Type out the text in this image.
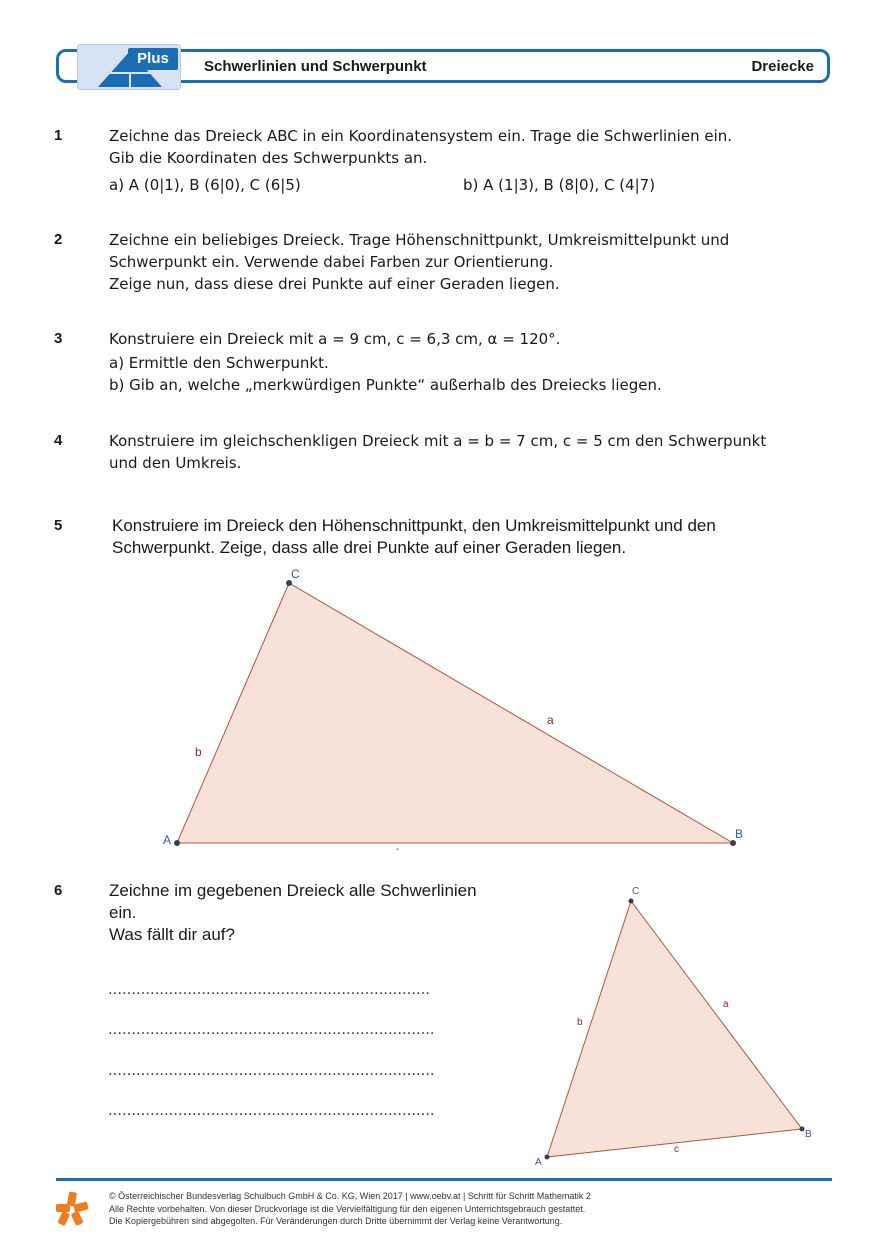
Plus	Schwerlinien und Schwerpunkt	Dreiecke
1	Zeichne das Dreieck ABC in ein Koordinatensystem ein. Trage die Schwerlinien ein.
Gib die Koordinaten des Schwerpunkts an.
a) A (0|1), B (6|0), C (6|5)	b) A (1|3), B (8|0), C (4|7)
2	Zeichne ein beliebiges Dreieck. Trage Höhenschnittpunkt, Umkreismittelpunkt und
Schwerpunkt ein. Verwende dabei Farben zur Orientierung.
Zeige nun, dass diese drei Punkte auf einer Geraden liegen.
3	Konstruiere ein Dreieck mit a = 9 cm, c = 6,3 cm, α = 120°.
a) Ermittle den Schwerpunkt.
b) Gib an, welche „merkwürdigen Punkte“ außerhalb des Dreiecks liegen.
4	Konstruiere im gleichschenkligen Dreieck mit a = b = 7 cm, c = 5 cm den Schwerpunkt
und den Umkreis.
5	Konstruiere im Dreieck den Höhenschnittpunkt, den Umkreismittelpunkt und den
Schwerpunkt. Zeige, dass alle drei Punkte auf einer Geraden liegen.
A	B
C
a
b
-
6	Zeichne im gegebenen Dreieck alle Schwerlinien
ein.
Was fällt dir auf?
……………………………………………………………
…………………………………………………………….
…………………………………………………………….
…………………………………………………………….
A
B
C
a
b
c
© Österreichischer Bundesverlag Schulbuch GmbH & Co. KG, Wien 2017 | www.oebv.at | Schritt für Schritt Mathematik 2
Alle Rechte vorbehalten. Von dieser Druckvorlage ist die Vervielfältigung für den eigenen Unterrichtsgebrauch gestattet.
Die Kopiergebühren sind abgegolten. Für Veränderungen durch Dritte übernimmt der Verlag keine Verantwortung.
